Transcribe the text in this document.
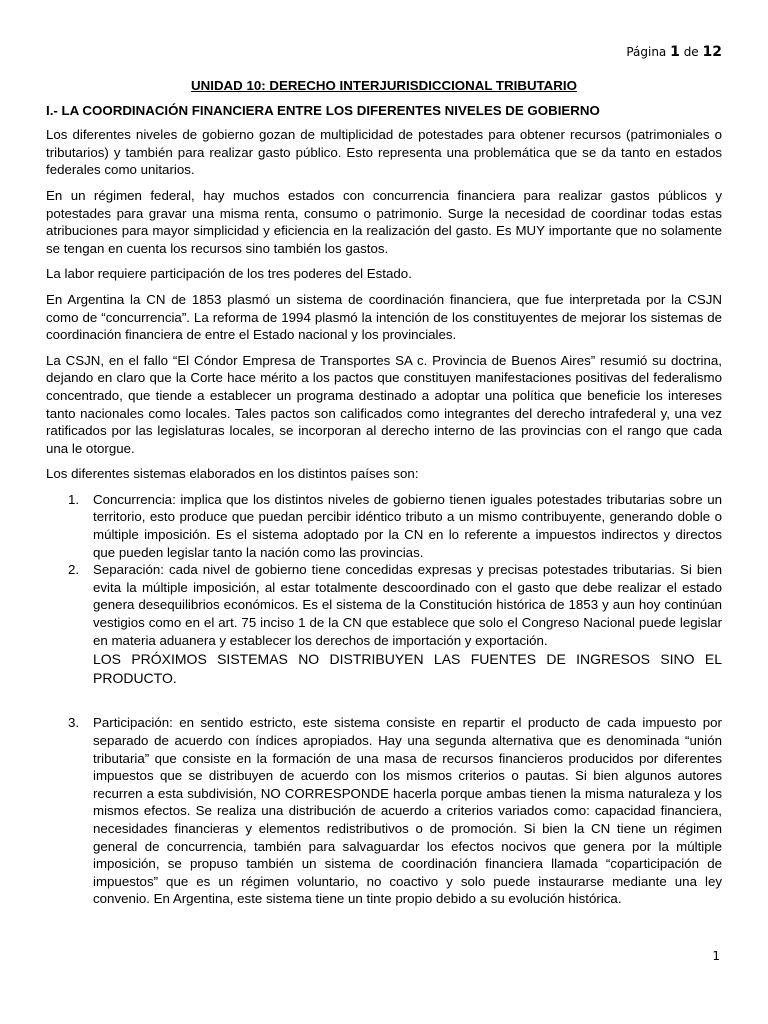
Página 1 de 12
UNIDAD 10: DERECHO INTERJURISDICCIONAL TRIBUTARIO
I.- LA COORDINACIÓN FINANCIERA ENTRE LOS DIFERENTES NIVELES DE GOBIERNO

Los diferentes niveles de gobierno gozan de multiplicidad de potestades para obtener recursos (patrimoniales o tributarios) y también para realizar gasto público. Esto representa una problemática que se da tanto en estados federales como unitarios.

En un régimen federal, hay muchos estados con concurrencia financiera para realizar gastos públicos y potestades para gravar una misma renta, consumo o patrimonio. Surge la necesidad de coordinar todas estas atribuciones para mayor simplicidad y eficiencia en la realización del gasto. Es MUY importante que no solamente se tengan en cuenta los recursos sino también los gastos.

La labor requiere participación de los tres poderes del Estado.

En Argentina la CN de 1853 plasmó un sistema de coordinación financiera, que fue interpretada por la CSJN como de “concurrencia”. La reforma de 1994 plasmó la intención de los constituyentes de mejorar los sistemas de coordinación financiera de entre el Estado nacional y los provinciales.

La CSJN, en el fallo “El Cóndor Empresa de Transportes SA c. Provincia de Buenos Aires” resumió su doctrina, dejando en claro que la Corte hace mérito a los pactos que constituyen manifestaciones positivas del federalismo concentrado, que tiende a establecer un programa destinado a adoptar una política que beneficie los intereses tanto nacionales como locales. Tales pactos son calificados como integrantes del derecho intrafederal y, una vez ratificados por las legislaturas locales, se incorporan al derecho interno de las provincias con el rango que cada una le otorgue.

Los diferentes sistemas elaborados en los distintos países son:

1. Concurrencia: implica que los distintos niveles de gobierno tienen iguales potestades tributarias sobre un territorio, esto produce que puedan percibir idéntico tributo a un mismo contribuyente, generando doble o múltiple imposición. Es el sistema adoptado por la CN en lo referente a impuestos indirectos y directos que pueden legislar tanto la nación como las provincias.
2. Separación: cada nivel de gobierno tiene concedidas expresas y precisas potestades tributarias. Si bien evita la múltiple imposición, al estar totalmente descoordinado con el gasto que debe realizar el estado genera desequilibrios económicos. Es el sistema de la Constitución histórica de 1853 y aun hoy continúan vestigios como en el art. 75 inciso 1 de la CN que establece que solo el Congreso Nacional puede legislar en materia aduanera y establecer los derechos de importación y exportación.
LOS PRÓXIMOS SISTEMAS NO DISTRIBUYEN LAS FUENTES DE INGRESOS SINO EL PRODUCTO.
3. Participación: en sentido estricto, este sistema consiste en repartir el producto de cada impuesto por separado de acuerdo con índices apropiados. Hay una segunda alternativa que es denominada “unión tributaria” que consiste en la formación de una masa de recursos financieros producidos por diferentes impuestos que se distribuyen de acuerdo con los mismos criterios o pautas. Si bien algunos autores recurren a esta subdivisión, NO CORRESPONDE hacerla porque ambas tienen la misma naturaleza y los mismos efectos. Se realiza una distribución de acuerdo a criterios variados como: capacidad financiera, necesidades financieras y elementos redistributivos o de promoción. Si bien la CN tiene un régimen general de concurrencia, también para salvaguardar los efectos nocivos que genera por la múltiple imposición, se propuso también un sistema de coordinación financiera llamada “coparticipación de impuestos” que es un régimen voluntario, no coactivo y solo puede instaurarse mediante una ley convenio. En Argentina, este sistema tiene un tinte propio debido a su evolución histórica.
1
